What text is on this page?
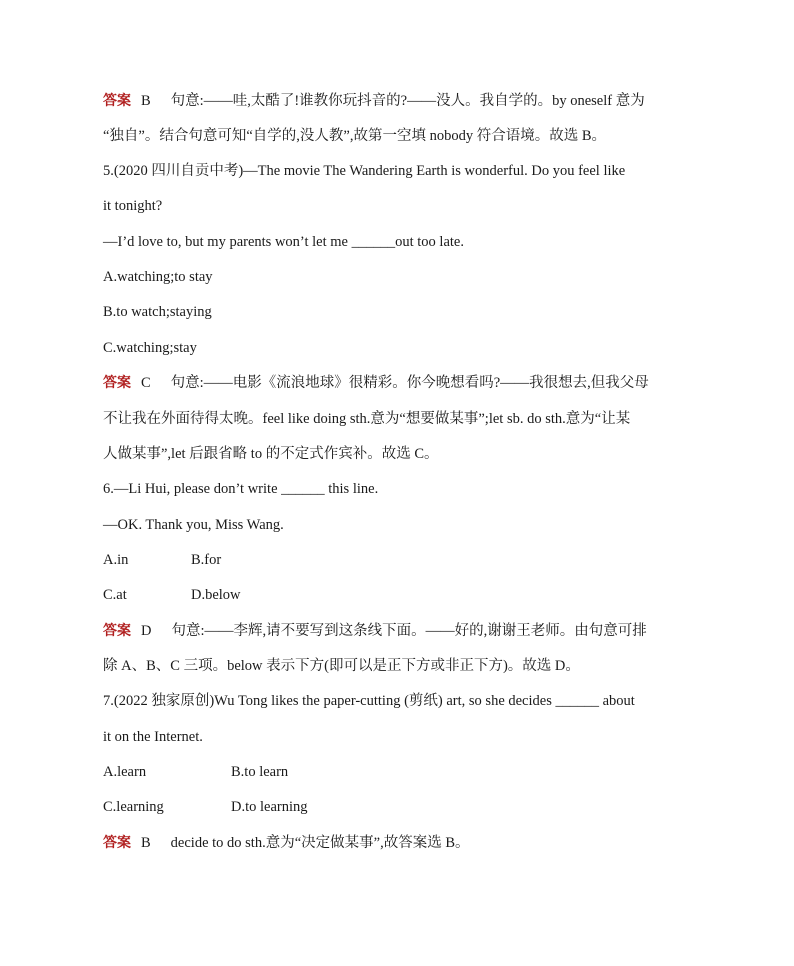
答案 B 句意:——哇,太酷了!谁教你玩抖音的?——没人。我自学的。by oneself 意为
“独自”。结合句意可知“自学的,没人教”,故第一空填 nobody 符合语境。故选 B。
5.(2020 四川自贡中考)—The movie The Wandering Earth is wonderful. Do you feel like
it tonight?
—I’d love to, but my parents won’t let me ______out too late.
A.watching;to stay
B.to watch;staying
C.watching;stay
答案 C 句意:——电影《流浪地球》很精彩。你今晚想看吗?——我很想去,但我父母
不让我在外面待得太晚。feel like doing sth.意为“想要做某事”;let sb. do sth.意为“让某
人做某事”,let 后跟省略 to 的不定式作宾补。故选 C。
6.—Li Hui, please don’t write ______ this line.
—OK. Thank you, Miss Wang.
A.in	B.for
C.at	D.below
答案 D 句意:——李辉,请不要写到这条线下面。——好的,谢谢王老师。由句意可排
除 A、B、C 三项。below 表示下方(即可以是正下方或非正下方)。故选 D。
7.(2022 独家原创)Wu Tong likes the paper-cutting (剪纸) art, so she decides ______ about
it on the Internet.
A.learn	B.to learn
C.learning	D.to learning
答案 B decide to do sth.意为“决定做某事”,故答案选 B。
